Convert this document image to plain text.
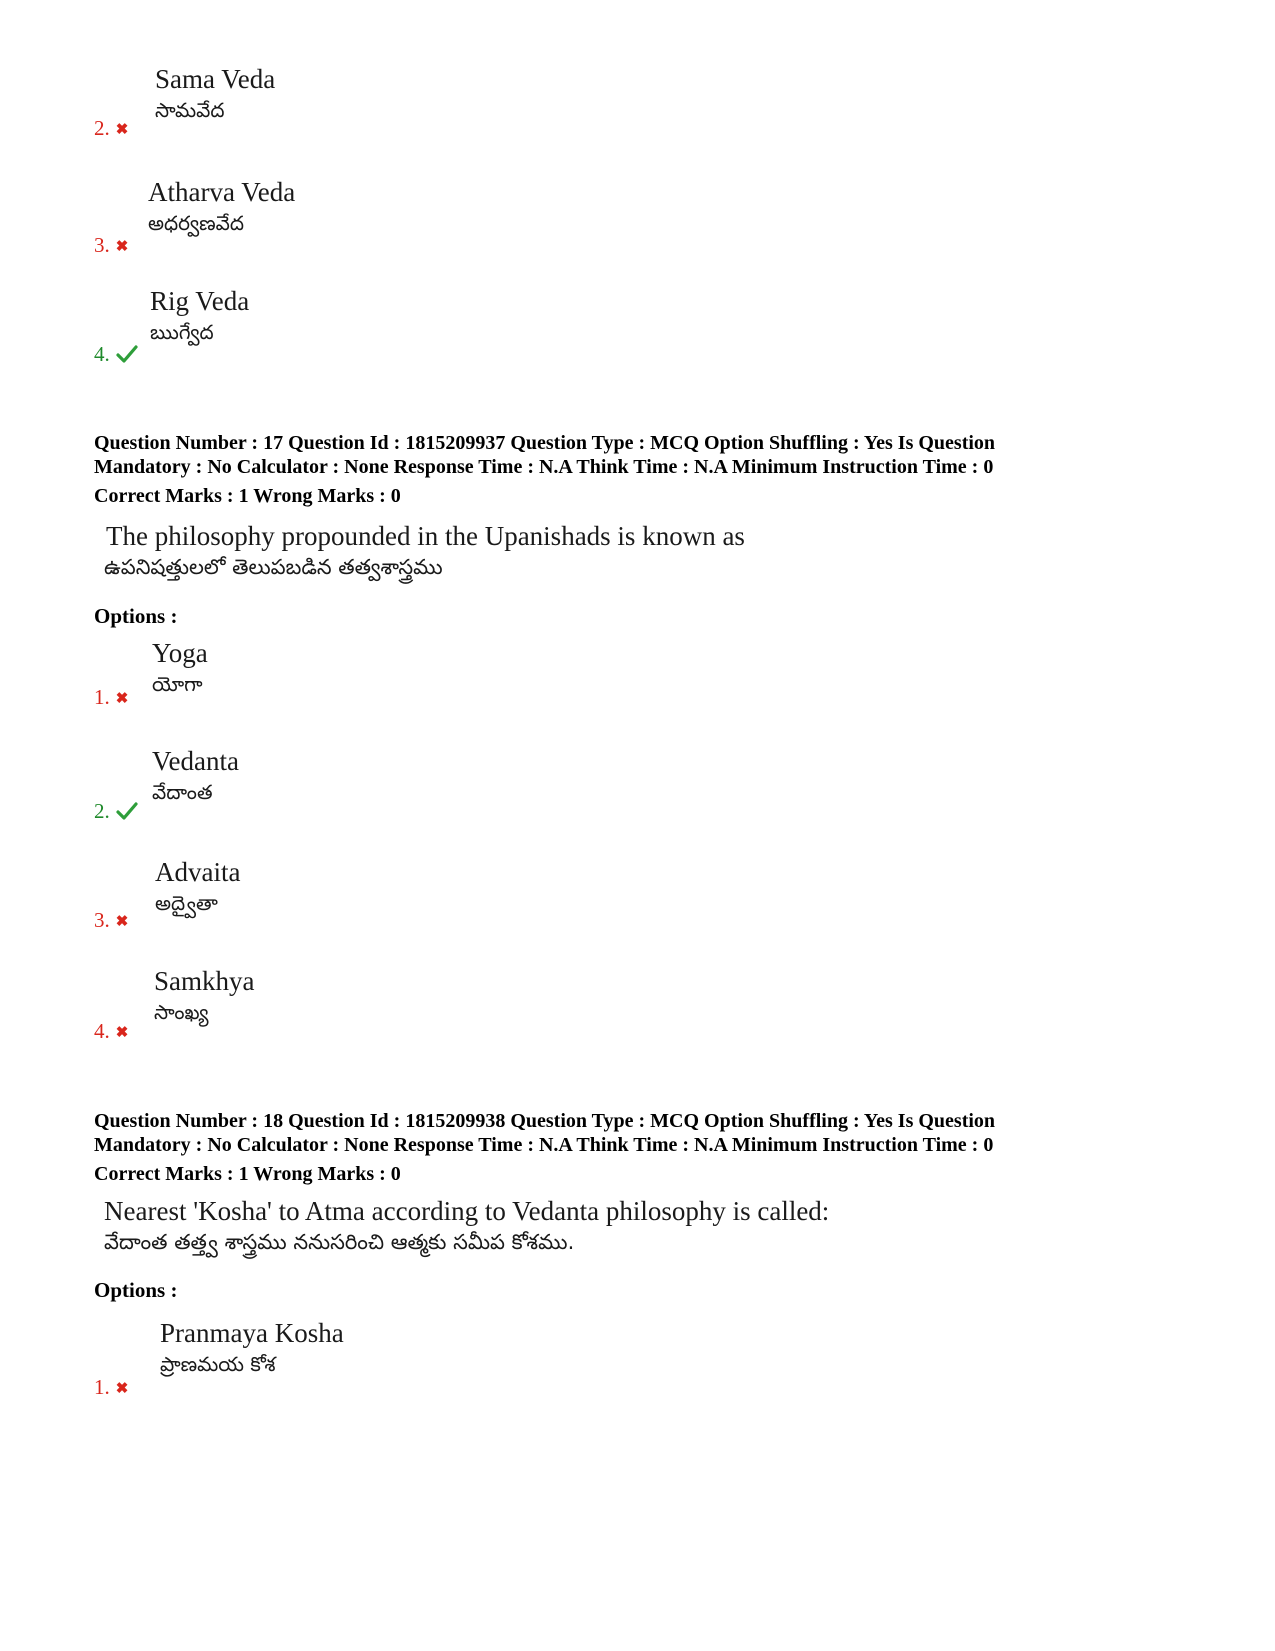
Sama Veda
సామవేద
2. ✖
Atharva Veda
అధర్వణవేద
3. ✖
Rig Veda
ఋగ్వేద
4.
Question Number : 17 Question Id : 1815209937 Question Type : MCQ Option Shuffling : Yes Is Question
Mandatory : No Calculator : None Response Time : N.A Think Time : N.A Minimum Instruction Time : 0
Correct Marks : 1 Wrong Marks : 0
The philosophy propounded in the Upanishads is known as
ఉపనిషత్తులలో తెలుపబడిన తత్వశాస్త్రము
Options :
Yoga
యోగా
1. ✖
Vedanta
వేదాంత
2.
Advaita
అద్వైతా
3. ✖
Samkhya
సాంఖ్య
4. ✖
Question Number : 18 Question Id : 1815209938 Question Type : MCQ Option Shuffling : Yes Is Question
Mandatory : No Calculator : None Response Time : N.A Think Time : N.A Minimum Instruction Time : 0
Correct Marks : 1 Wrong Marks : 0
Nearest 'Kosha' to Atma according to Vedanta philosophy is called:
వేదాంత తత్త్వ శాస్త్రము ననుసరించి ఆత్మకు సమీప కోశము.
Options :
Pranmaya Kosha
ప్రాణమయ కోశ
1. ✖
